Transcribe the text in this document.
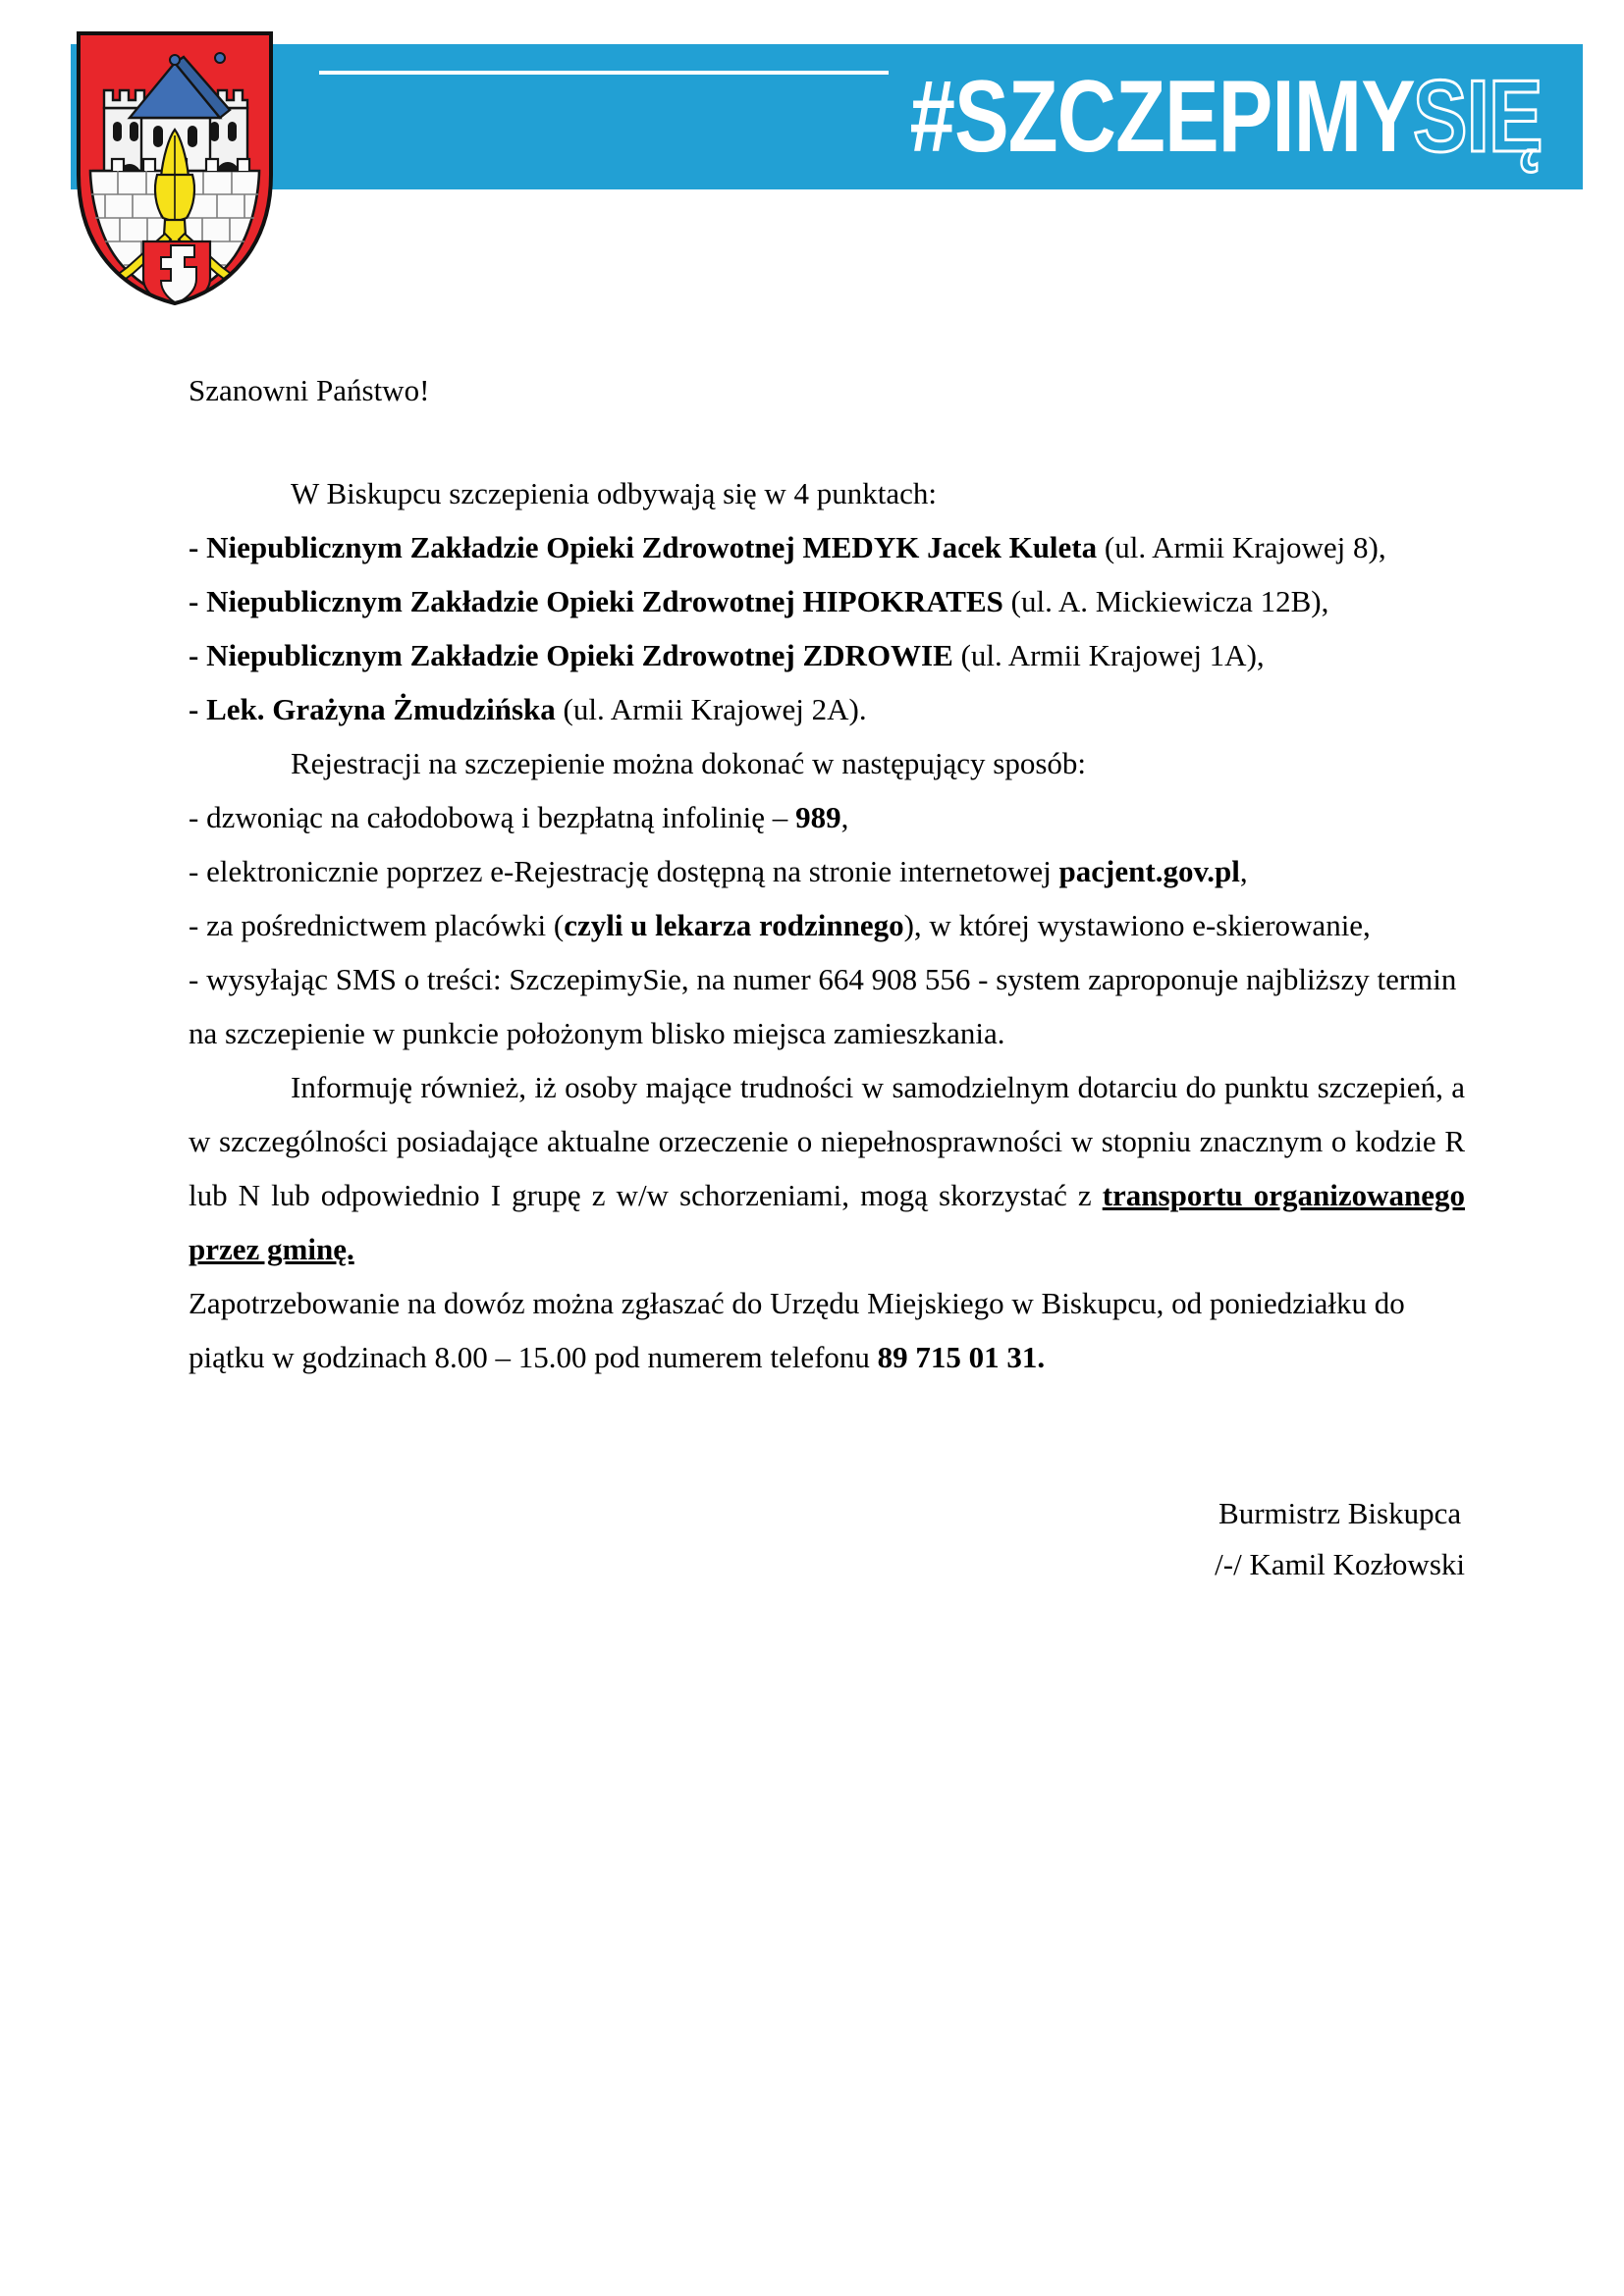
#SZCZEPIMYSIĘ

Szanowni Państwo!

W Biskupcu szczepienia odbywają się w 4 punktach:

- Niepublicznym Zakładzie Opieki Zdrowotnej MEDYK Jacek Kuleta (ul. Armii Krajowej 8),

- Niepublicznym Zakładzie Opieki Zdrowotnej HIPOKRATES (ul. A. Mickiewicza 12B),

- Niepublicznym Zakładzie Opieki Zdrowotnej ZDROWIE (ul. Armii Krajowej 1A),

- Lek. Grażyna Żmudzińska (ul. Armii Krajowej 2A).

Rejestracji na szczepienie można dokonać w następujący sposób:

- dzwoniąc na całodobową i bezpłatną infolinię – 989,

- elektronicznie poprzez e-Rejestrację dostępną na stronie internetowej pacjent.gov.pl,

- za pośrednictwem placówki (czyli u lekarza rodzinnego), w której wystawiono e-skierowanie,

- wysyłając SMS o treści: SzczepimySie, na numer 664 908 556 - system zaproponuje najbliższy termin na szczepienie w punkcie położonym blisko miejsca zamieszkania.

Informuję również, iż osoby mające trudności w samodzielnym dotarciu do punktu szczepień, a w szczególności posiadające aktualne orzeczenie o niepełnosprawności w stopniu znacznym o kodzie R lub N lub odpowiednio I grupę z w/w schorzeniami, mogą skorzystać z transportu organizowanego przez gminę.

Zapotrzebowanie na dowóz można zgłaszać do Urzędu Miejskiego w Biskupcu, od poniedziałku do piątku w godzinach 8.00 – 15.00 pod numerem telefonu 89 715 01 31.

Burmistrz Biskupca
/-/ Kamil Kozłowski
